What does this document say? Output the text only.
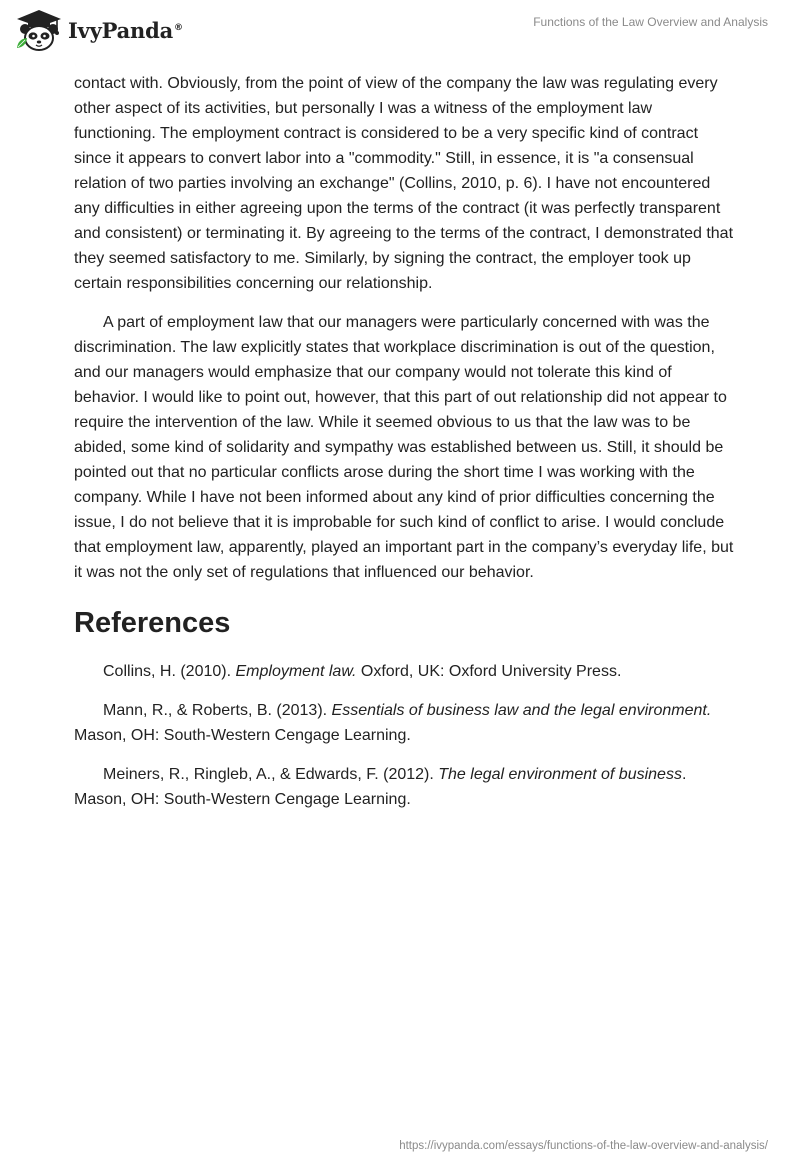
IvyPanda®	Functions of the Law Overview and Analysis

contact with. Obviously, from the point of view of the company the law was regulating every other aspect of its activities, but personally I was a witness of the employment law functioning. The employment contract is considered to be a very specific kind of contract since it appears to convert labor into a "commodity." Still, in essence, it is "a consensual relation of two parties involving an exchange" (Collins, 2010, p. 6). I have not encountered any difficulties in either agreeing upon the terms of the contract (it was perfectly transparent and consistent) or terminating it. By agreeing to the terms of the contract, I demonstrated that they seemed satisfactory to me. Similarly, by signing the contract, the employer took up certain responsibilities concerning our relationship.

A part of employment law that our managers were particularly concerned with was the discrimination. The law explicitly states that workplace discrimination is out of the question, and our managers would emphasize that our company would not tolerate this kind of behavior. I would like to point out, however, that this part of out relationship did not appear to require the intervention of the law. While it seemed obvious to us that the law was to be abided, some kind of solidarity and sympathy was established between us. Still, it should be pointed out that no particular conflicts arose during the short time I was working with the company. While I have not been informed about any kind of prior difficulties concerning the issue, I do not believe that it is improbable for such kind of conflict to arise. I would conclude that employment law, apparently, played an important part in the company’s everyday life, but it was not the only set of regulations that influenced our behavior.

References

Collins, H. (2010). Employment law. Oxford, UK: Oxford University Press.

Mann, R., & Roberts, B. (2013). Essentials of business law and the legal environment. Mason, OH: South-Western Cengage Learning.

Meiners, R., Ringleb, A., & Edwards, F. (2012). The legal environment of business. Mason, OH: South-Western Cengage Learning.

https://ivypanda.com/essays/functions-of-the-law-overview-and-analysis/
